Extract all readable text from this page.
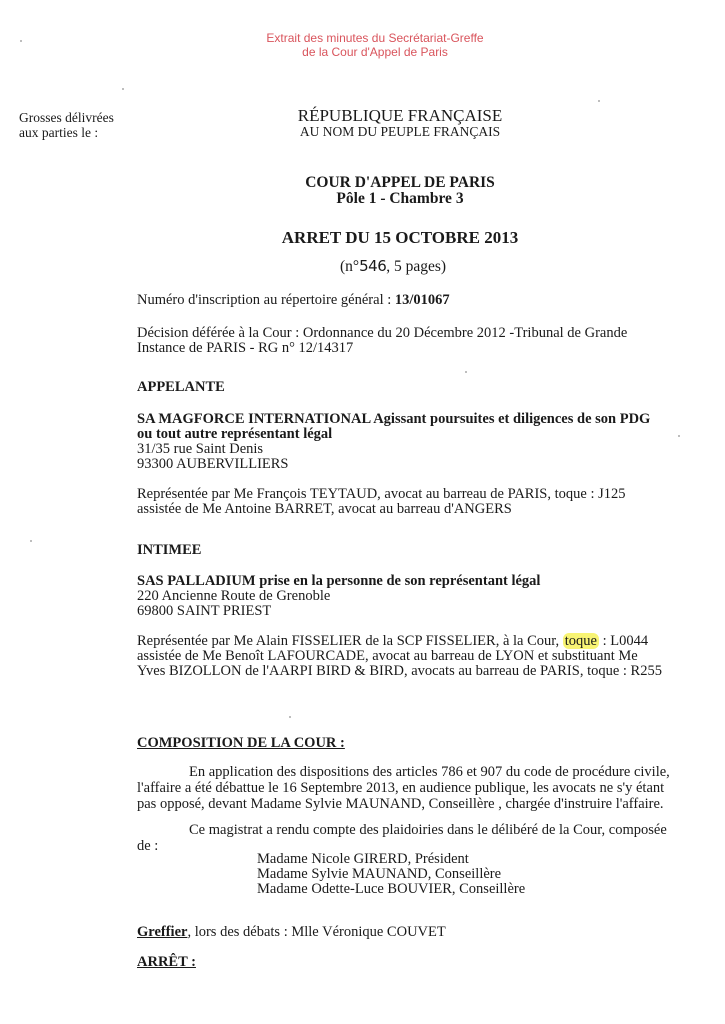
Extrait des minutes du Secrétariat-Greffe
de la Cour d'Appel de Paris
Grosses délivrées
aux parties le :
RÉPUBLIQUE FRANÇAISE
AU NOM DU PEUPLE FRANÇAIS
COUR D'APPEL DE PARIS
Pôle 1 - Chambre 3
ARRET DU 15 OCTOBRE 2013
(n°546, 5 pages)
Numéro d'inscription au répertoire général : 13/01067
Décision déférée à la Cour : Ordonnance du 20 Décembre 2012 -Tribunal de Grande
Instance de PARIS - RG n° 12/14317
APPELANTE
SA MAGFORCE INTERNATIONAL Agissant poursuites et diligences de son PDG
ou tout autre représentant légal
31/35 rue Saint Denis
93300 AUBERVILLIERS
Représentée par Me François TEYTAUD, avocat au barreau de PARIS, toque : J125
assistée de Me Antoine BARRET, avocat au barreau d'ANGERS
INTIMEE
SAS PALLADIUM prise en la personne de son représentant légal
220 Ancienne Route de Grenoble
69800 SAINT PRIEST
Représentée par Me Alain FISSELIER de la SCP FISSELIER, à la Cour, toque : L0044
assistée de Me Benoît LAFOURCADE, avocat au barreau de LYON et substituant Me
Yves BIZOLLON de l'AARPI BIRD & BIRD, avocats au barreau de PARIS, toque : R255
COMPOSITION DE LA COUR :
En application des dispositions des articles 786 et 907 du code de procédure civile,
l'affaire a été débattue le 16 Septembre 2013, en audience publique, les avocats ne s'y étant
pas opposé, devant Madame Sylvie MAUNAND, Conseillère , chargée d'instruire l'affaire.
Ce magistrat a rendu compte des plaidoiries dans le délibéré de la Cour, composée
de :
Madame Nicole GIRERD, Président
Madame Sylvie MAUNAND, Conseillère
Madame Odette-Luce BOUVIER, Conseillère
Greffier, lors des débats : Mlle Véronique COUVET
ARRÊT :
